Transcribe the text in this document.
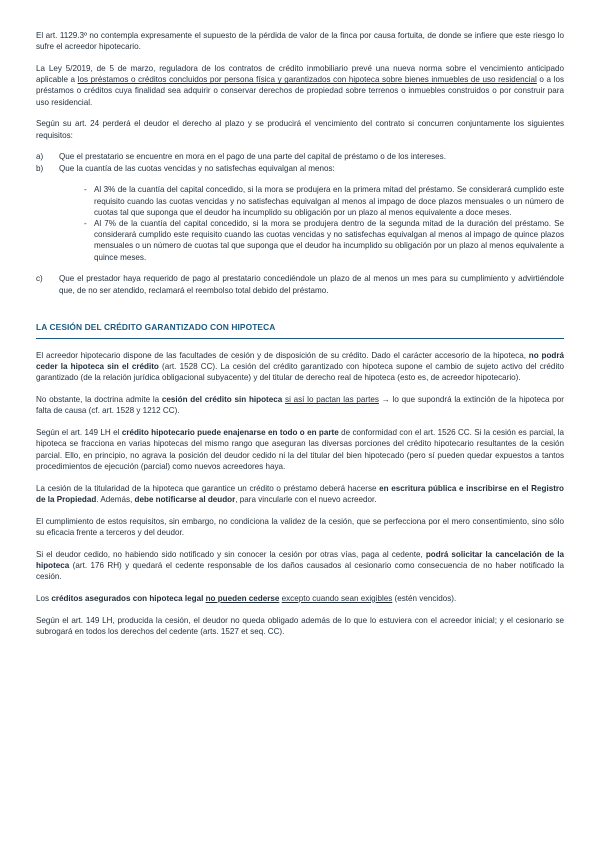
El art. 1129.3º no contempla expresamente el supuesto de la pérdida de valor de la finca por causa fortuita, de donde se infiere que este riesgo lo sufre el acreedor hipotecario.

La Ley 5/2019, de 5 de marzo, reguladora de los contratos de crédito inmobiliario prevé una nueva norma sobre el vencimiento anticipado aplicable a los préstamos o créditos concluidos por persona física y garantizados con hipoteca sobre bienes inmuebles de uso residencial o a los préstamos o créditos cuya finalidad sea adquirir o conservar derechos de propiedad sobre terrenos o inmuebles construidos o por construir para uso residencial.

Según su art. 24 perderá el deudor el derecho al plazo y se producirá el vencimiento del contrato si concurren conjuntamente los siguientes requisitos:

a) Que el prestatario se encuentre en mora en el pago de una parte del capital de préstamo o de los intereses.
b) Que la cuantía de las cuotas vencidas y no satisfechas equivalgan al menos:
- Al 3% de la cuantía del capital concedido, si la mora se produjera en la primera mitad del préstamo. Se considerará cumplido este requisito cuando las cuotas vencidas y no satisfechas equivalgan al menos al impago de doce plazos mensuales o un número de cuotas tal que suponga que el deudor ha incumplido su obligación por un plazo al menos equivalente a doce meses.
- Al 7% de la cuantía del capital concedido, si la mora se produjera dentro de la segunda mitad de la duración del préstamo. Se considerará cumplido este requisito cuando las cuotas vencidas y no satisfechas equivalgan al menos al impago de quince plazos mensuales o un número de cuotas tal que suponga que el deudor ha incumplido su obligación por un plazo al menos equivalente a quince meses.
c) Que el prestador haya requerido de pago al prestatario concediéndole un plazo de al menos un mes para su cumplimiento y advirtiéndole que, de no ser atendido, reclamará el reembolso total debido del préstamo.
LA CESIÓN DEL CRÉDITO GARANTIZADO CON HIPOTECA

El acreedor hipotecario dispone de las facultades de cesión y de disposición de su crédito. Dado el carácter accesorio de la hipoteca, no podrá ceder la hipoteca sin el crédito (art. 1528 CC). La cesión del crédito garantizado con hipoteca supone el cambio de sujeto activo del crédito garantizado (de la relación jurídica obligacional subyacente) y del titular de derecho real de hipoteca (esto es, de acreedor hipotecario).

No obstante, la doctrina admite la cesión del crédito sin hipoteca si así lo pactan las partes → lo que supondrá la extinción de la hipoteca por falta de causa (cf. art. 1528 y 1212 CC).

Según el art. 149 LH el crédito hipotecario puede enajenarse en todo o en parte de conformidad con el art. 1526 CC. Si la cesión es parcial, la hipoteca se fracciona en varias hipotecas del mismo rango que aseguran las diversas porciones del crédito hipotecario resultantes de la cesión parcial. Ello, en principio, no agrava la posición del deudor cedido ni la del titular del bien hipotecado (pero sí pueden quedar expuestos a tantos procedimientos de ejecución (parcial) como nuevos acreedores haya.

La cesión de la titularidad de la hipoteca que garantice un crédito o préstamo deberá hacerse en escritura pública e inscribirse en el Registro de la Propiedad. Además, debe notificarse al deudor, para vincularle con el nuevo acreedor.

El cumplimiento de estos requisitos, sin embargo, no condiciona la validez de la cesión, que se perfecciona por el mero consentimiento, sino sólo su eficacia frente a terceros y del deudor.

Si el deudor cedido, no habiendo sido notificado y sin conocer la cesión por otras vías, paga al cedente, podrá solicitar la cancelación de la hipoteca (art. 176 RH) y quedará el cedente responsable de los daños causados al cesionario como consecuencia de no haber notificado la cesión.

Los créditos asegurados con hipoteca legal no pueden cederse excepto cuando sean exigibles (estén vencidos).

Según el art. 149 LH, producida la cesión, el deudor no queda obligado además de lo que lo estuviera con el acreedor inicial; y el cesionario se subrogará en todos los derechos del cedente (arts. 1527 et seq. CC).
